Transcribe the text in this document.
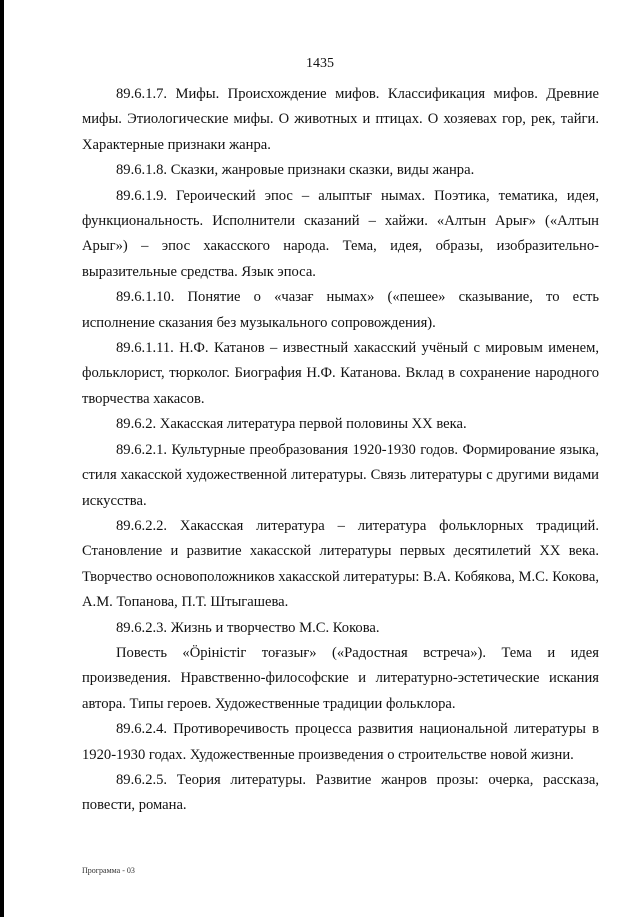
1435

89.6.1.7. Мифы. Происхождение мифов. Классификация мифов. Древние мифы. Этиологические мифы. О животных и птицах. О хозяевах гор, рек, тайги. Характерные признаки жанра.

89.6.1.8. Сказки, жанровые признаки сказки, виды жанра.

89.6.1.9. Героический эпос – алыптығ нымах. Поэтика, тематика, идея, функциональность. Исполнители сказаний – хайжи. «Алтын Арығ» («Алтын Арыг») – эпос хакасского народа. Тема, идея, образы, изобразительно-выразительные средства. Язык эпоса.

89.6.1.10. Понятие о «чазағ нымах» («пешее» сказывание, то есть исполнение сказания без музыкального сопровождения).

89.6.1.11. Н.Ф. Катанов – известный хакасский учёный с мировым именем, фольклорист, тюрколог. Биография Н.Ф. Катанова. Вклад в сохранение народного творчества хакасов.

89.6.2. Хакасская литература первой половины XX века.

89.6.2.1. Культурные преобразования 1920-1930 годов. Формирование языка, стиля хакасской художественной литературы. Связь литературы с другими видами искусства.

89.6.2.2. Хакасская литература – литература фольклорных традиций. Становление и развитие хакасской литературы первых десятилетий XX века. Творчество основоположников хакасской литературы: В.А. Кобякова, М.С. Кокова, А.М. Топанова, П.Т. Штыгашева.

89.6.2.3. Жизнь и творчество М.С. Кокова.

Повесть «Öрiнiстiг тоғазығ» («Радостная встреча»). Тема и идея произведения. Нравственно-философские и литературно-эстетические искания автора. Типы героев. Художественные традиции фольклора.

89.6.2.4. Противоречивость процесса развития национальной литературы в 1920-1930 годах. Художественные произведения о строительстве новой жизни.

89.6.2.5. Теория литературы. Развитие жанров прозы: очерка, рассказа, повести, романа.

Программа - 03
